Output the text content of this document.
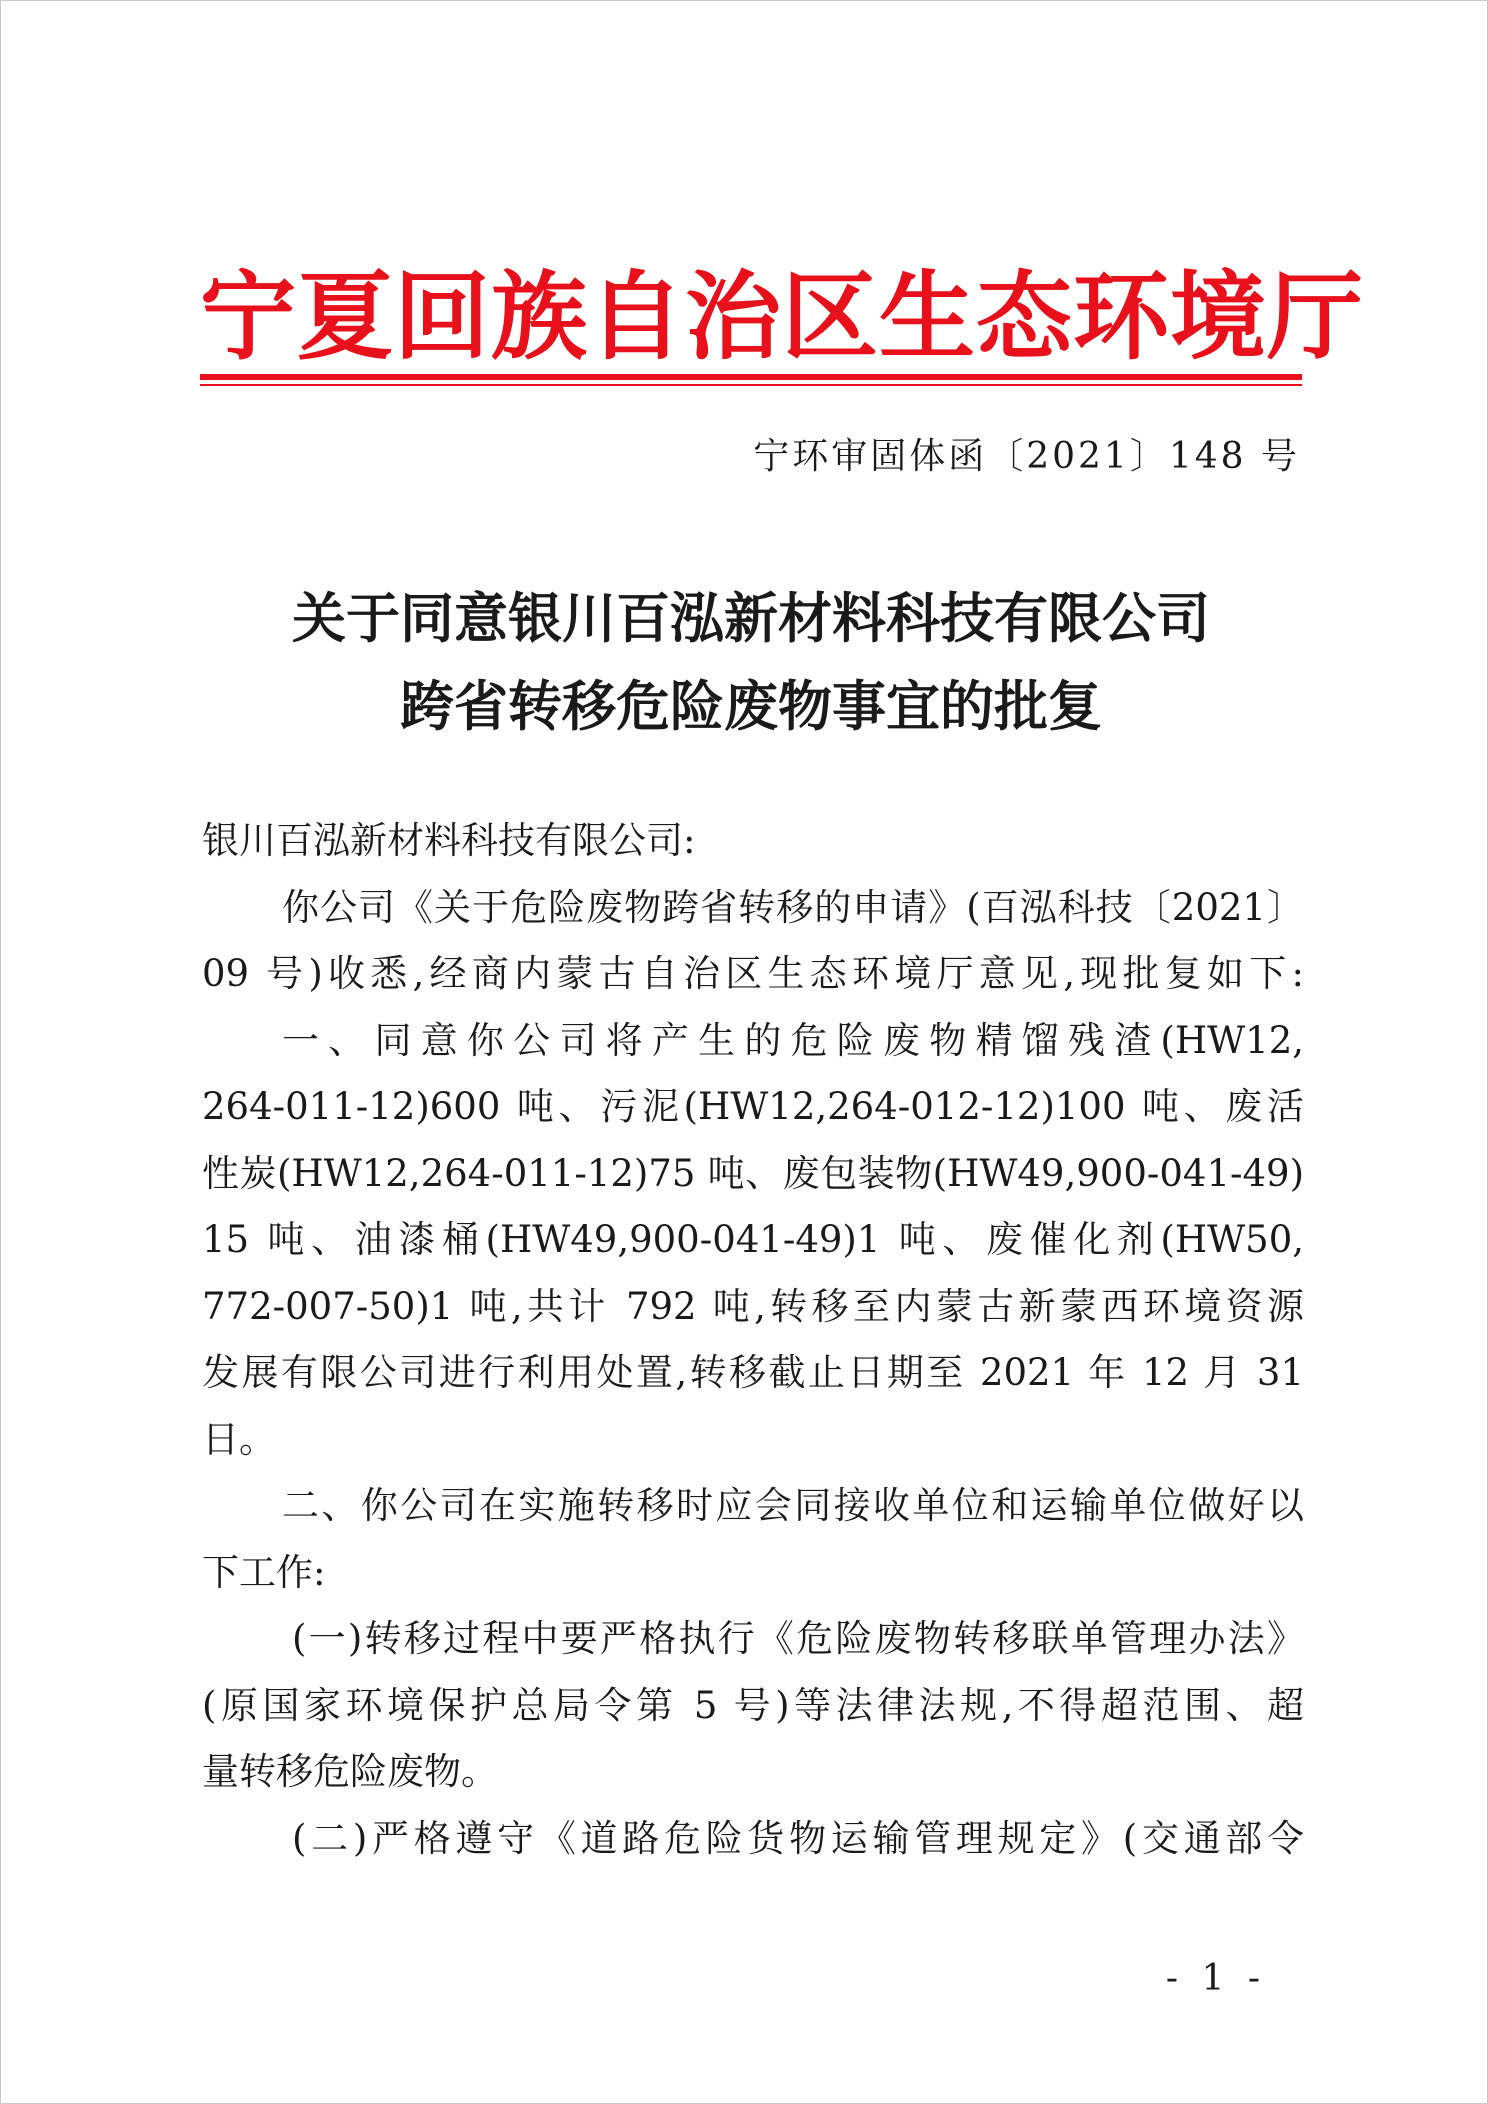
宁夏回族自治区生态环境厅
宁环审固体函〔2021〕148 号
关于同意银川百泓新材料科技有限公司
跨省转移危险废物事宜的批复
银川百泓新材料科技有限公司:
你公司《关于危险废物跨省转移的申请》(百泓科技〔2021〕
09 号)收悉,经商内蒙古自治区生态环境厅意见,现批复如下:
一、同意你公司将产生的危险废物精馏残渣(HW12,
264-011-12)600 吨、污泥(HW12,264-012-12)100 吨、废活
性炭(HW12,264-011-12)75 吨、废包装物(HW49,900-041-49)
15 吨、油漆桶(HW49,900-041-49)1 吨、废催化剂(HW50,
772-007-50)1 吨,共计 792 吨,转移至内蒙古新蒙西环境资源
发展有限公司进行利用处置,转移截止日期至 2021 年 12 月 31
日。
二、你公司在实施转移时应会同接收单位和运输单位做好以
下工作:
(一)转移过程中要严格执行《危险废物转移联单管理办法》
(原国家环境保护总局令第 5 号)等法律法规,不得超范围、超
量转移危险废物。
(二)严格遵守《道路危险货物运输管理规定》(交通部令
- 1 -
